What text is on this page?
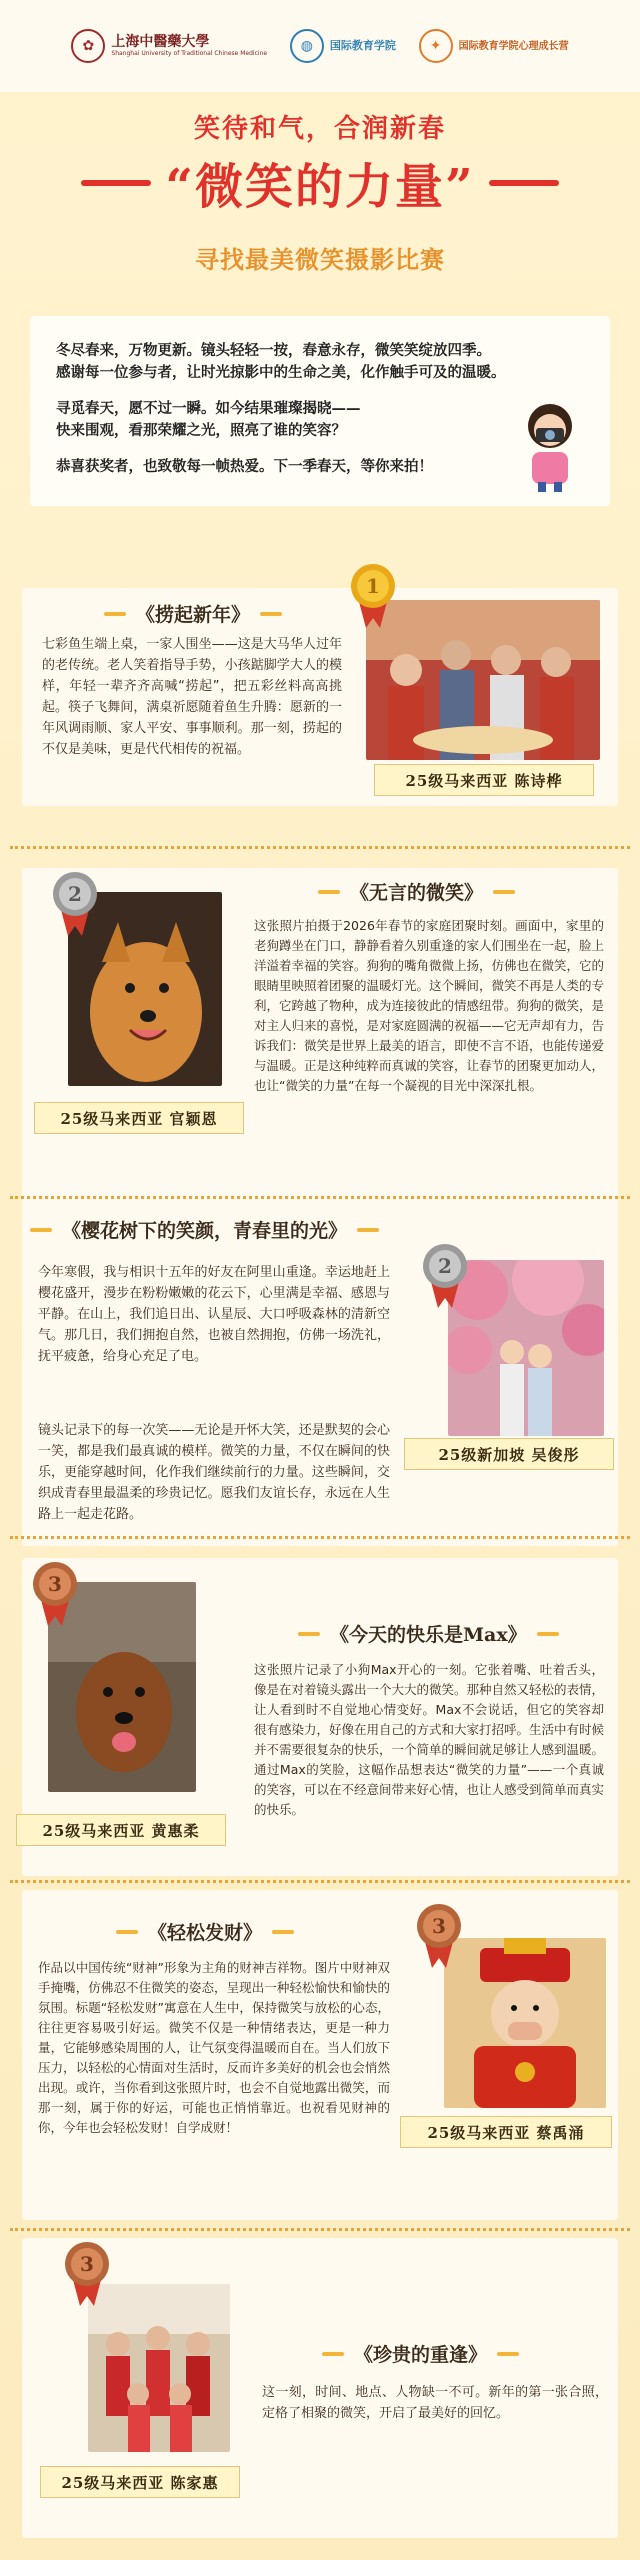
✿	上海中醫藥大學
Shanghai University of Traditional Chinese Medicine	◍	国际教育学院	✦	国际教育学院心理成长营
笑待和气，合润新春
“微笑的力量”
寻找最美微笑摄影比赛

冬尽春来，万物更新。镜头轻轻一按，春意永存，微笑笑绽放四季。
感谢每一位参与者，让时光掠影中的生命之美，化作触手可及的温暖。

寻觅春天，愿不过一瞬。如今结果璀璨揭晓——
快来围观，看那荣耀之光，照亮了谁的笑容？

恭喜获奖者，也致敬每一帧热爱。下一季春天，等你来拍！

《捞起新年》
七彩鱼生端上桌，一家人围坐——这是大马华人过年的老传统。老人笑着指导手势，小孩踮脚学大人的模样，年轻一辈齐齐高喊“捞起”，把五彩丝料高高挑起。筷子飞舞间，满桌祈愿随着鱼生升腾：愿新的一年风调雨顺、家人平安、事事顺利。那一刻，捞起的不仅是美味，更是代代相传的祝福。
1
25级马来西亚 陈诗桦
《无言的微笑》
2
25级马来西亚 官颖恩
这张照片拍摄于2026年春节的家庭团聚时刻。画面中，家里的老狗蹲坐在门口，静静看着久别重逢的家人们围坐在一起，脸上洋溢着幸福的笑容。狗狗的嘴角微微上扬，仿佛也在微笑，它的眼睛里映照着团聚的温暖灯光。这个瞬间，微笑不再是人类的专利，它跨越了物种，成为连接彼此的情感纽带。狗狗的微笑，是对主人归来的喜悦，是对家庭圆满的祝福——它无声却有力，告诉我们：微笑是世界上最美的语言，即使不言不语，也能传递爱与温暖。正是这种纯粹而真诚的笑容，让春节的团聚更加动人，也让“微笑的力量”在每一个凝视的目光中深深扎根。
《樱花树下的笑颜，青春里的光》
今年寒假，我与相识十五年的好友在阿里山重逢。幸运地赶上樱花盛开，漫步在粉粉嫩嫩的花云下，心里满是幸福、感恩与平静。在山上，我们追日出、认星辰、大口呼吸森林的清新空气。那几日，我们拥抱自然，也被自然拥抱，仿佛一场洗礼，抚平疲惫，给身心充足了电。
镜头记录下的每一次笑——无论是开怀大笑，还是默契的会心一笑，都是我们最真诚的模样。微笑的力量，不仅在瞬间的快乐，更能穿越时间，化作我们继续前行的力量。这些瞬间，交织成青春里最温柔的珍贵记忆。愿我们友谊长存，永远在人生路上一起走花路。
2
25级新加坡 吴俊彤
《今天的快乐是Max》
3
25级马来西亚 黄惠柔
这张照片记录了小狗Max开心的一刻。它张着嘴、吐着舌头，像是在对着镜头露出一个大大的微笑。那种自然又轻松的表情，让人看到时不自觉地心情变好。Max不会说话，但它的笑容却很有感染力，好像在用自己的方式和大家打招呼。生活中有时候并不需要很复杂的快乐，一个简单的瞬间就足够让人感到温暖。通过Max的笑脸，这幅作品想表达“微笑的力量”——一个真诚的笑容，可以在不经意间带来好心情，也让人感受到简单而真实的快乐。
《轻松发财》
作品以中国传统“财神”形象为主角的财神吉祥物。图片中财神双手掩嘴，仿佛忍不住微笑的姿态，呈现出一种轻松愉快和愉快的氛围。标题“轻松发财”寓意在人生中，保持微笑与放松的心态，往往更容易吸引好运。微笑不仅是一种情绪表达，更是一种力量，它能够感染周围的人，让气氛变得温暖而自在。当人们放下压力，以轻松的心情面对生活时，反而许多美好的机会也会悄然出现。或许，当你看到这张照片时，也会不自觉地露出微笑，而那一刻，属于你的好运，可能也正悄悄靠近。也祝看见财神的你，今年也会轻松发财！自学成财！
3
25级马来西亚 蔡禹涌
《珍贵的重逢》
3
25级马来西亚 陈家惠
这一刻，时间、地点、人物缺一不可。新年的第一张合照，定格了相聚的微笑，开启了最美好的回忆。
